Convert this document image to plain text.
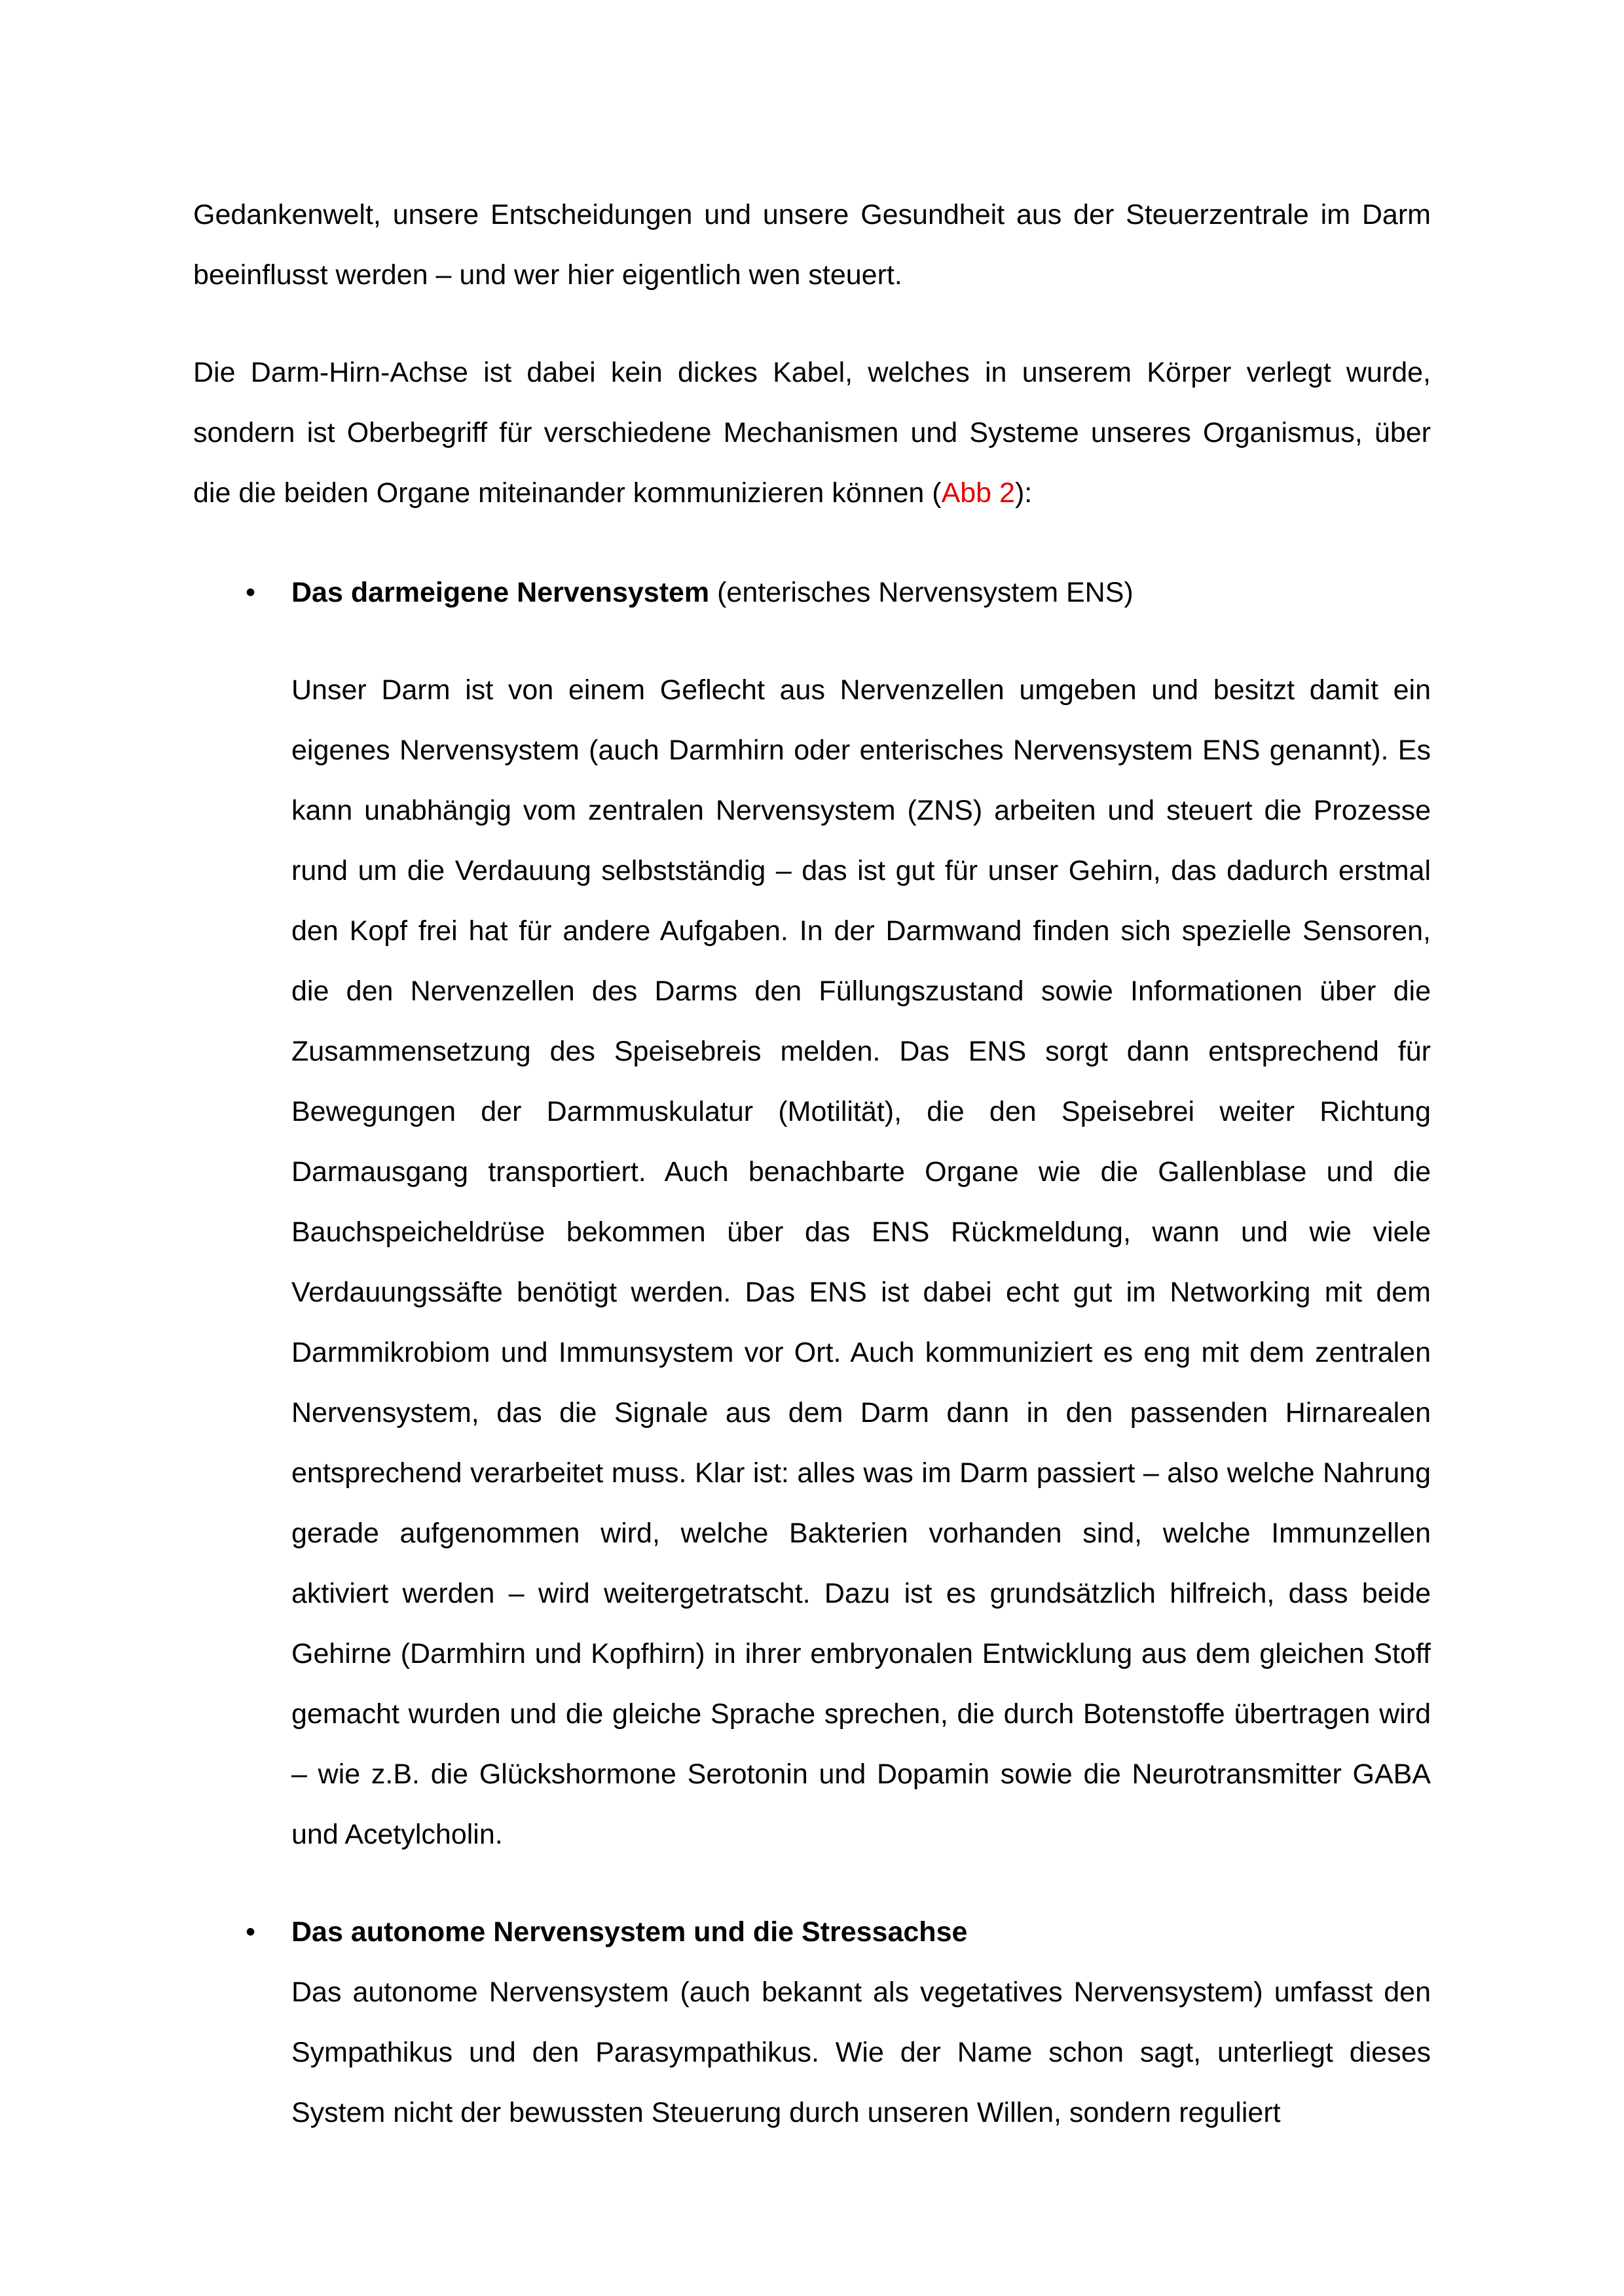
Gedankenwelt, unsere Entscheidungen und unsere Gesundheit aus der Steuerzentrale im Darm beeinflusst werden – und wer hier eigentlich wen steuert.

Die Darm-Hirn-Achse ist dabei kein dickes Kabel, welches in unserem Körper verlegt wurde, sondern ist Oberbegriff für verschiedene Mechanismen und Systeme unseres Organismus, über die die beiden Organe miteinander kommunizieren können (Abb 2):

• Das darmeigene Nervensystem (enterisches Nervensystem ENS)

Unser Darm ist von einem Geflecht aus Nervenzellen umgeben und besitzt damit ein eigenes Nervensystem (auch Darmhirn oder enterisches Nervensystem ENS genannt). Es kann unabhängig vom zentralen Nervensystem (ZNS) arbeiten und steuert die Prozesse rund um die Verdauung selbstständig – das ist gut für unser Gehirn, das dadurch erstmal den Kopf frei hat für andere Aufgaben. In der Darmwand finden sich spezielle Sensoren, die den Nervenzellen des Darms den Füllungszustand sowie Informationen über die Zusammensetzung des Speisebreis melden. Das ENS sorgt dann entsprechend für Bewegungen der Darmmuskulatur (Motilität), die den Speisebrei weiter Richtung Darmausgang transportiert. Auch benachbarte Organe wie die Gallenblase und die Bauchspeicheldrüse bekommen über das ENS Rückmeldung, wann und wie viele Verdauungssäfte benötigt werden. Das ENS ist dabei echt gut im Networking mit dem Darmmikrobiom und Immunsystem vor Ort. Auch kommuniziert es eng mit dem zentralen Nervensystem, das die Signale aus dem Darm dann in den passenden Hirnarealen entsprechend verarbeitet muss. Klar ist: alles was im Darm passiert – also welche Nahrung gerade aufgenommen wird, welche Bakterien vorhanden sind, welche Immunzellen aktiviert werden – wird weitergetratscht. Dazu ist es grundsätzlich hilfreich, dass beide Gehirne (Darmhirn und Kopfhirn) in ihrer embryonalen Entwicklung aus dem gleichen Stoff gemacht wurden und die gleiche Sprache sprechen, die durch Botenstoffe übertragen wird – wie z.B. die Glückshormone Serotonin und Dopamin sowie die Neurotransmitter GABA und Acetylcholin.

• Das autonome Nervensystem und die Stressachse

Das autonome Nervensystem (auch bekannt als vegetatives Nervensystem) umfasst den Sympathikus und den Parasympathikus. Wie der Name schon sagt, unterliegt dieses System nicht der bewussten Steuerung durch unseren Willen, sondern reguliert
